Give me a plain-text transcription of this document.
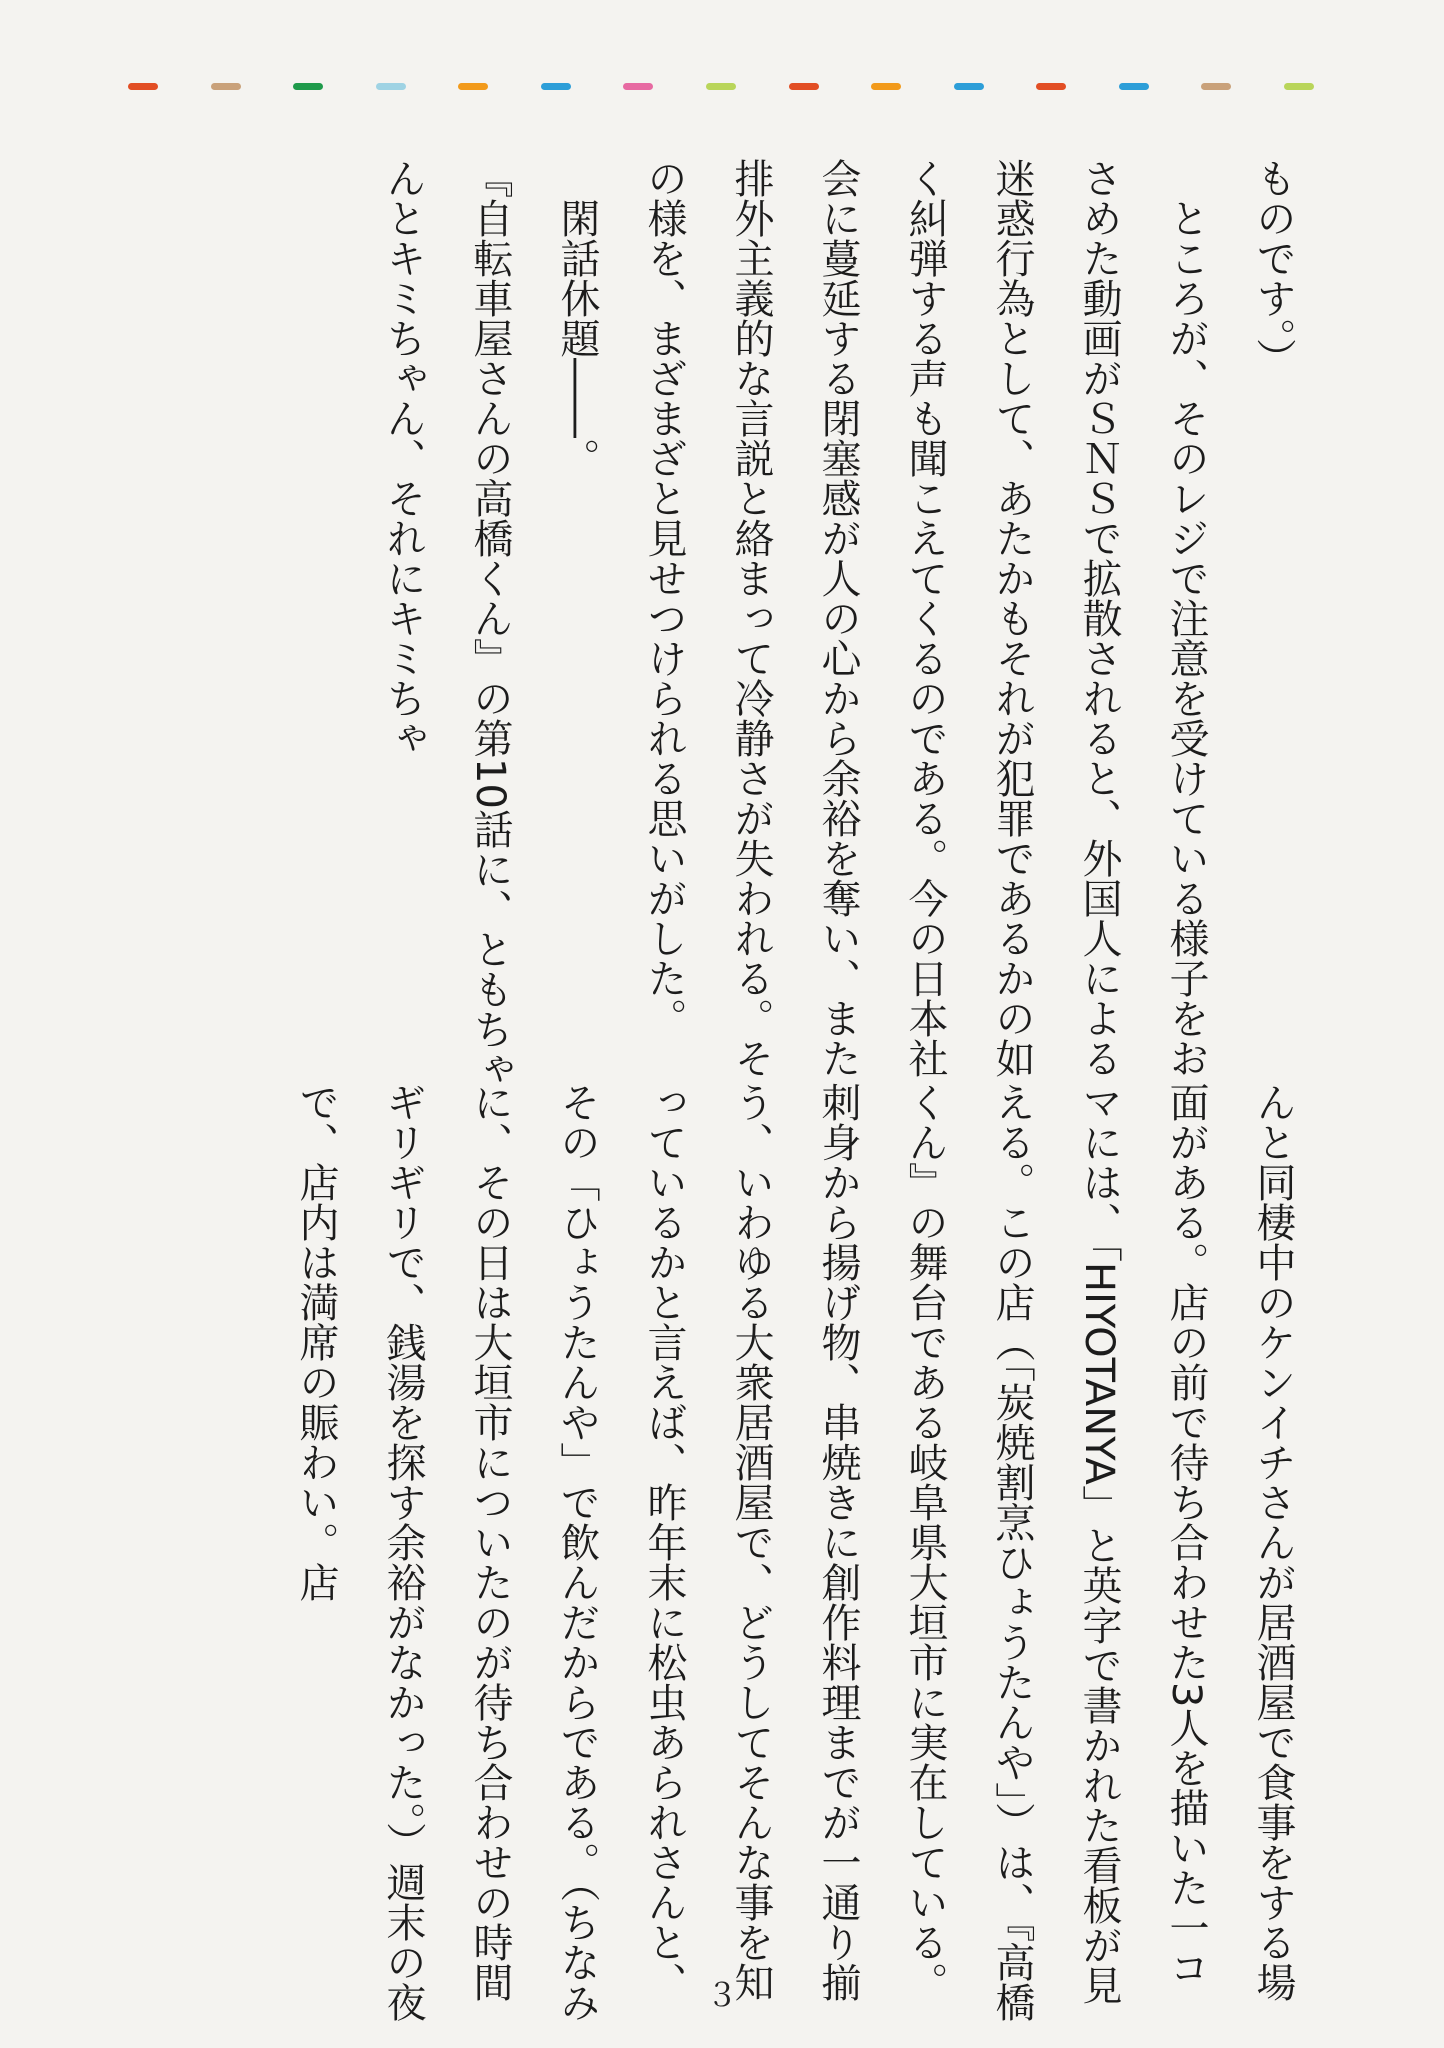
ものです。）

ところが、そのレジで注意を受けている様子をおさめた動画がＳＮＳで拡散されると、外国人による迷惑行為として、あたかもそれが犯罪であるかの如く糾弾する声も聞こえてくるのである。今の日本社会に蔓延する閉塞感が人の心から余裕を奪い、また排外主義的な言説と絡まって冷静さが失われる。その様を、まざまざと見せつけられる思いがした。

閑話休題――。

『自転車屋さんの高橋くん』の第10話に、ともちゃんとキミちゃん、それにキミちゃ

んと同棲中のケンイチさんが居酒屋で食事をする場面がある。店の前で待ち合わせた3人を描いた一コマには、「HIYOTANYA」と英字で書かれた看板が見える。この店（「炭焼割烹ひょうたんや」）は、『高橋くん』の舞台である岐阜県大垣市に実在している。刺身から揚げ物、串焼きに創作料理までが一通り揃う、いわゆる大衆居酒屋で、どうしてそんな事を知っているかと言えば、昨年末に松虫あられさんと、その「ひょうたんや」で飲んだからである。（ちなみに、その日は大垣市についたのが待ち合わせの時間ギリギリで、銭湯を探す余裕がなかった。）週末の夜で、店内は満席の賑わい。店

３
